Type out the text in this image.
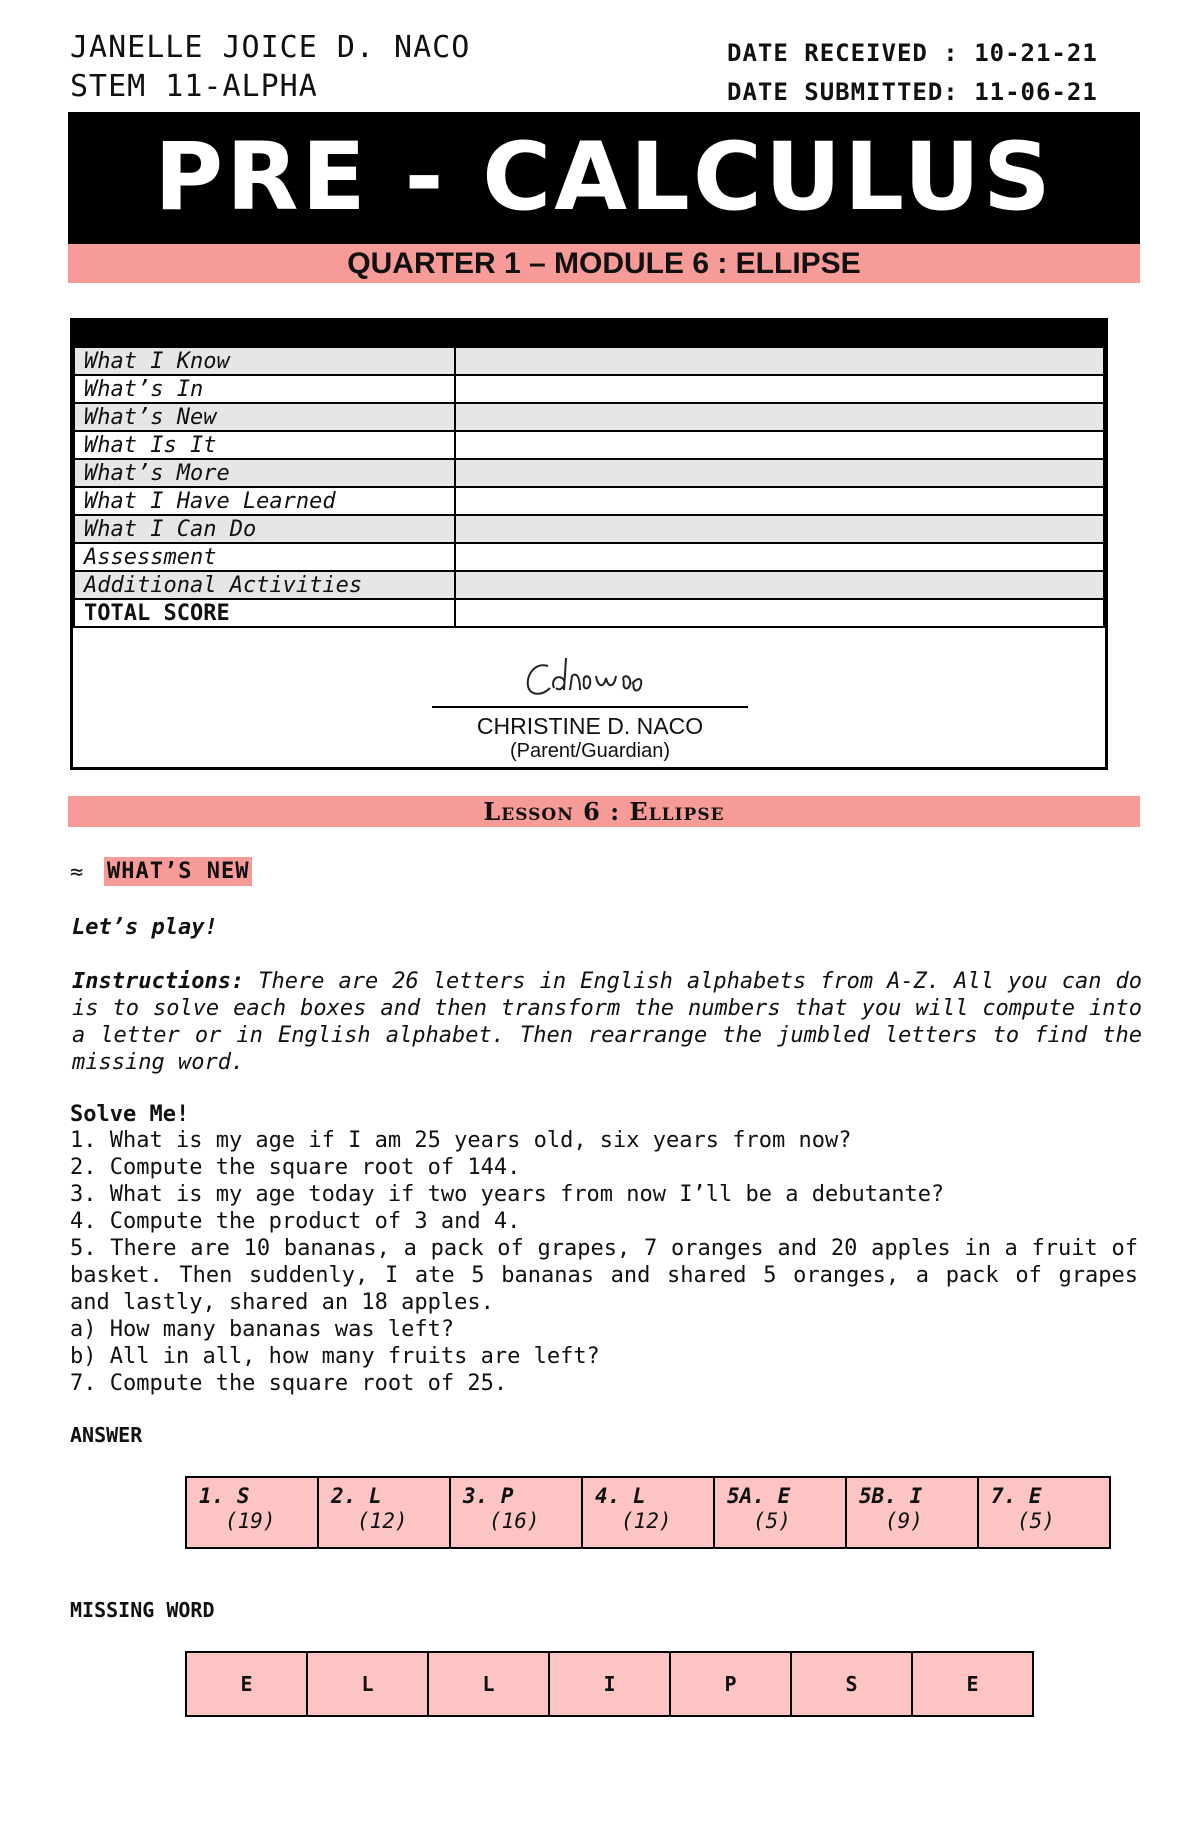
JANELLE JOICE D. NACO
STEM 11-ALPHA
DATE RECEIVED : 10-21-21
DATE SUBMITTED: 11-06-21
PRE - CALCULUS
QUARTER 1 – MODULE 6 : ELLIPSE
What I Know	
What’s In	
What’s New	
What Is It	
What’s More	
What I Have Learned	
What I Can Do	
Assessment	
Additional Activities	
TOTAL SCORE	
CHRISTINE D. NACO
(Parent/Guardian)
Lesson 6 : Ellipse
≈ WHAT’S NEW
Let’s play!
Instructions: There are 26 letters in English alphabets from A-Z. All you can do is to solve each boxes and then transform the numbers that you will compute into a letter or in English alphabet. Then rearrange the jumbled letters to find the missing word.
Solve Me!
1. What is my age if I am 25 years old, six years from now?
2. Compute the square root of 144.
3. What is my age today if two years from now I’ll be a debutante?
4. Compute the product of 3 and 4.
5. There are 10 bananas, a pack of grapes, 7 oranges and 20 apples in a fruit of basket. Then suddenly, I ate 5 bananas and shared 5 oranges, a pack of grapes and lastly, shared an 18 apples.
a) How many bananas was left?
b) All in all, how many fruits are left?
7. Compute the square root of 25.
ANSWER
1. S
(19)

2. L
(12)

3. P
(16)

4. L
(12)

5A. E
(5)

5B. I
(9)

7. E
(5)
MISSING WORD
E	L	L	I	P	S	E
